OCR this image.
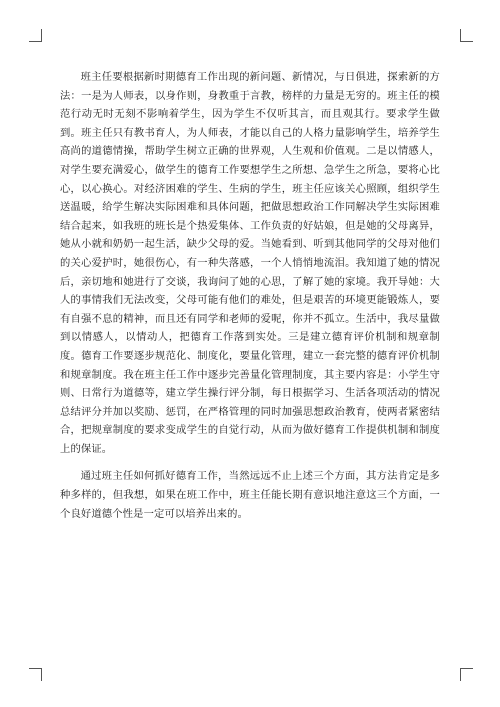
班主任要根据新时期德育工作出现的新问题、新情况，与日俱进，探索新的方法：一是为人师表，以身作则，身教重于言教，榜样的力量是无穷的。班主任的模范行动无时无刻不影响着学生，因为学生不仅听其言，而且观其行。要求学生做到。班主任只有教书育人，为人师表，才能以自己的人格力量影响学生，培养学生高尚的道德情操，帮助学生树立正确的世界观，人生观和价值观。二是以情感人，对学生要充满爱心，做学生的德育工作要想学生之所想、急学生之所急，要将心比心，以心换心。对经济困难的学生、生病的学生，班主任应该关心照顾，组织学生送温暖，给学生解决实际困难和具体问题，把做思想政治工作同解决学生实际困难结合起来，如我班的班长是个热爱集体、工作负责的好姑娘，但是她的父母离异，她从小就和奶奶一起生活，缺少父母的爱。当她看到、听到其他同学的父母对他们的关心爱护时，她很伤心，有一种失落感，一个人悄悄地流泪。我知道了她的情况后，亲切地和她进行了交谈，我询问了她的心思，了解了她的家境。我开导她：大人的事情我们无法改变，父母可能有他们的难处，但是艰苦的环境更能锻炼人，要有自强不息的精神，而且还有同学和老师的爱呢，你并不孤立。生活中，我尽量做到以情感人，以情动人，把德育工作落到实处。三是建立德育评价机制和规章制度。德育工作要逐步规范化、制度化，要量化管理，建立一套完整的德育评价机制和规章制度。我在班主任工作中逐步完善量化管理制度，其主要内容是：小学生守则、日常行为道德等，建立学生操行评分制，每日根据学习、生活各项活动的情况总结评分并加以奖励、惩罚，在严格管理的同时加强思想政治教育，使两者紧密结合，把规章制度的要求变成学生的自觉行动，从而为做好德育工作提供机制和制度上的保证。

通过班主任如何抓好德育工作，当然远远不止上述三个方面，其方法肯定是多种多样的，但我想，如果在班工作中，班主任能长期有意识地注意这三个方面，一个良好道德个性是一定可以培养出来的。
